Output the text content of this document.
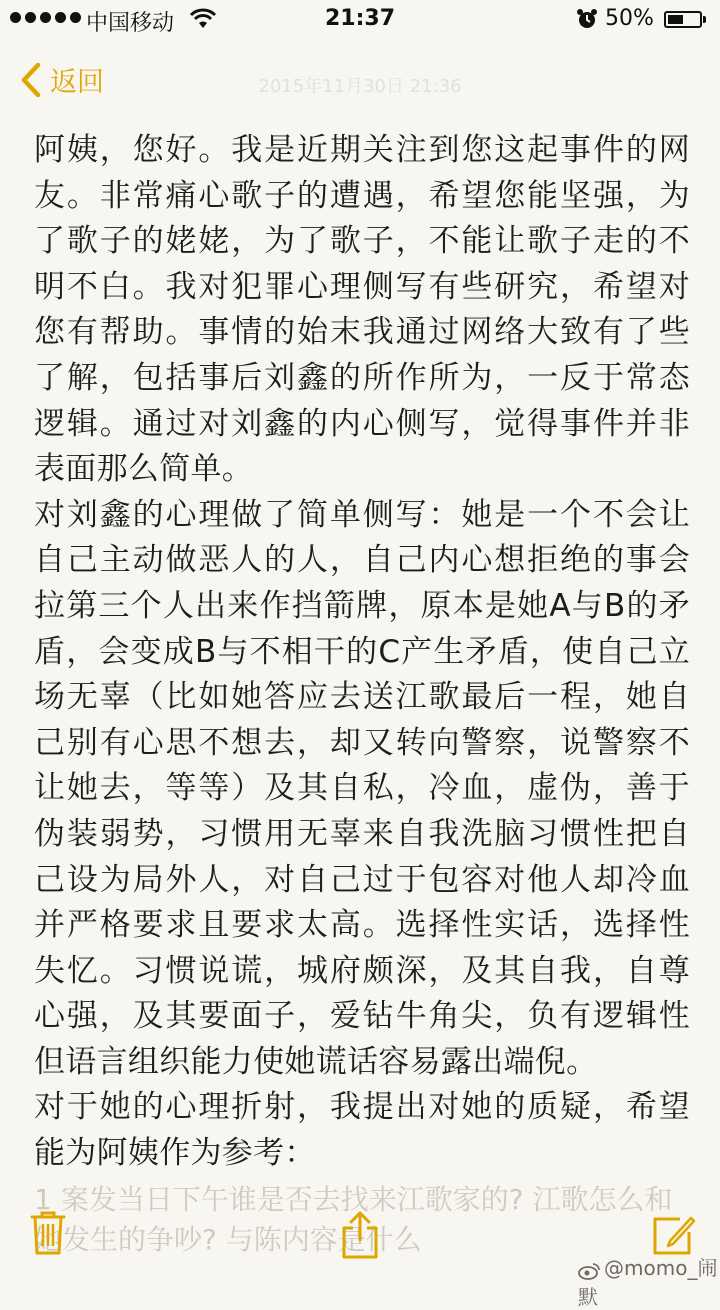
中国移动	21:37	50%
2015年11月30日 21:36
返回

阿姨，您好。我是近期关注到您这起事件的网友。非常痛心歌子的遭遇，希望您能坚强，为了歌子的姥姥，为了歌子，不能让歌子走的不明不白。我对犯罪心理侧写有些研究，希望对您有帮助。事情的始末我通过网络大致有了些了解，包括事后刘鑫的所作所为，一反于常态逻辑。通过对刘鑫的内心侧写，觉得事件并非表面那么简单。

对刘鑫的心理做了简单侧写：她是一个不会让自己主动做恶人的人，自己内心想拒绝的事会拉第三个人出来作挡箭牌，原本是她A与B的矛盾，会变成B与不相干的C产生矛盾，使自己立场无辜（比如她答应去送江歌最后一程，她自己别有心思不想去，却又转向警察，说警察不让她去，等等）及其自私，冷血，虚伪，善于伪装弱势，习惯用无辜来自我洗脑习惯性把自己设为局外人，对自己过于包容对他人却冷血并严格要求且要求太高。选择性实话，选择性失忆。习惯说谎，城府颇深，及其自我，自尊心强，及其要面子，爱钻牛角尖，负有逻辑性但语言组织能力使她谎话容易露出端倪。

对于她的心理折射，我提出对她的质疑，希望能为阿姨作为参考：

1 案发当日下午谁是否去找来江歌家的? 江歌怎么和她发生的争吵? 与陈内容是什么
@momo_闹默
